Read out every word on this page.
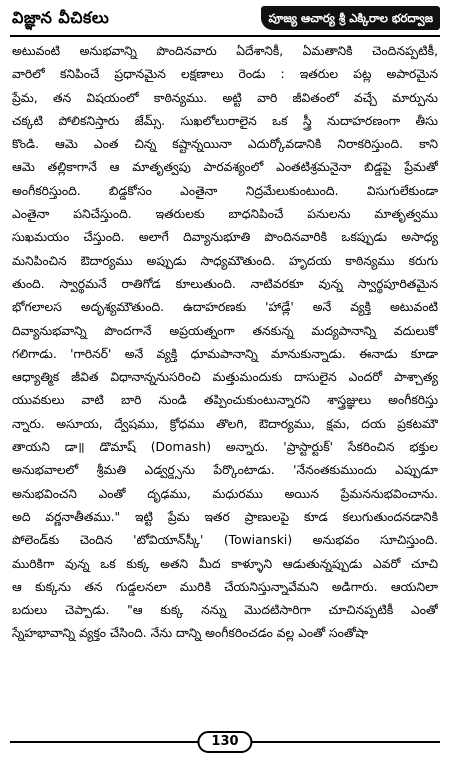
విజ్ఞాన వీచికలు	పూజ్య ఆచార్య శ్రీ ఎక్కిరాల భరద్వాజ
అటువంటి అనుభవాన్ని పొందినవారు ఏదేశానికీ, ఏమతానికి చెందినప్పటికీ,
వారిలో కనిపించే ప్రధానమైన లక్షణాలు రెండు : ఇతరుల పట్ల అపారమైన
ప్రేమ, తన విషయంలో కాఠిన్యము. అట్టి వారి జీవితంలో వచ్చే మార్పును
చక్కటి పోలికనిస్తారు జేమ్స్. సుఖలోలురాలైన ఒక స్త్రీ నుదాహరణంగా తీసు
కొండి. ఆమె ఎంత చిన్న కష్టాన్నయినా ఎదుర్కోవడానికి నిరాకరిస్తుంది. కాని
ఆమె తల్లికాగానే ఆ మాతృత్వపు పారవశ్యంలో ఎంతటిశ్రమనైనా బిడ్డపై ప్రేమతో
అంగీకరిస్తుంది. బిడ్డకోసం ఎంతైనా నిద్రమేలుకుంటుంది. విసుగులేకుండా
ఎంతైనా పనిచేస్తుంది. ఇతరులకు బాధనిపించే పనులను మాతృత్వము
సుఖమయం చేస్తుంది. అలాగే దివ్యానుభూతి పొందినవారికి ఒకప్పుడు అసాధ్య
మనిపించిన ఔదార్యము అప్పుడు సాధ్యమౌతుంది. హృదయ కాఠిన్యము కరుగు
తుంది. స్వార్థమనే రాతిగోడ కూలుతుంది. నాటివరకూ వున్న స్వార్థపూరితమైన
భోగలాలస అదృశ్యమౌతుంది. ఉదాహరణకు 'హాడ్లే' అనే వ్యక్తి అటువంటి
దివ్యానుభవాన్ని పొందగానే అప్రయత్నంగా తనకున్న మద్యపానాన్ని వదులుకో
గలిగాడు. 'గారినర్' అనే వ్యక్తి ధూమపానాన్ని మానుకున్నాడు. ఈనాడు కూడా
ఆధ్యాత్మిక జీవిత విధానాన్ననుసరించి మత్తుమందుకు దాసులైన ఎందరో పాశ్చాత్య
యువకులు వాటి బారి నుండి తప్పించుకుంటున్నారని శాస్త్రజ్ఞులు అంగీకరిస్తు
న్నారు. అసూయ, ద్వేషము, క్రోధము తొలగి, ఔదార్యము, క్షమ, దయ ప్రకటమౌ
తాయని డా॥ డొమాష్ (Domash) అన్నారు. 'ప్రాస్టార్టుక్' సేకరించిన భక్తుల
అనుభవాలలో శ్రీమతి ఎడ్వర్డ్సను పేర్కొంటాడు. 'నేనంతకుముందు ఎప్పుడూ
అనుభవించని ఎంతో దృఢము, మధురము అయిన ప్రేమననుభవించాను.
అది వర్ణనాతీతము." ఇట్టి ప్రేమ ఇతర ప్రాణులపై కూడ కలుగుతుందనడానికి
పోలెండ్‌కు చెందిన 'టోవియాన్‌స్కీ' (Towianski) అనుభవం సూచిస్తుంది.
మురికిగా వున్న ఒక కుక్క అతని మీద కాళ్ళూని ఆడుతున్నప్పుడు ఎవరో చూచి
ఆ కుక్కను తన గుడ్డలనలా మురికి చేయనిస్తున్నావేమని అడిగారు. ఆయనిలా
బదులు చెప్పాడు. "ఆ కుక్క నన్ను మొదటిసారిగా చూచినప్పటికీ ఎంతో
స్నేహభావాన్ని వ్యక్తం చేసింది. నేను దాన్ని అంగీకరించడం వల్ల ఎంతో సంతోషా
130
